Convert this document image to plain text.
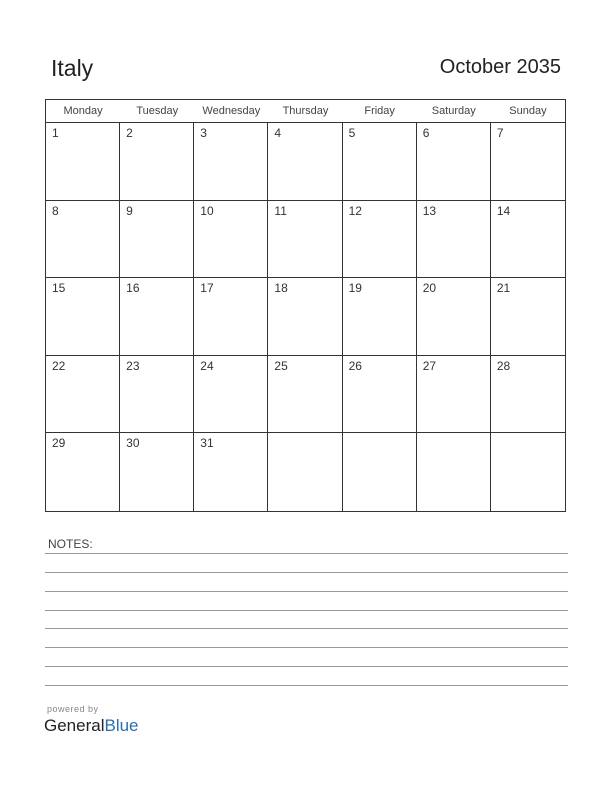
Italy	October 2035
Monday	Tuesday	Wednesday	Thursday	Friday	Saturday	Sunday
1	2	3	4	5	6	7
8	9	10	11	12	13	14
15	16	17	18	19	20	21
22	23	24	25	26	27	28
29	30	31
NOTES:
powered by
GeneralBlue
